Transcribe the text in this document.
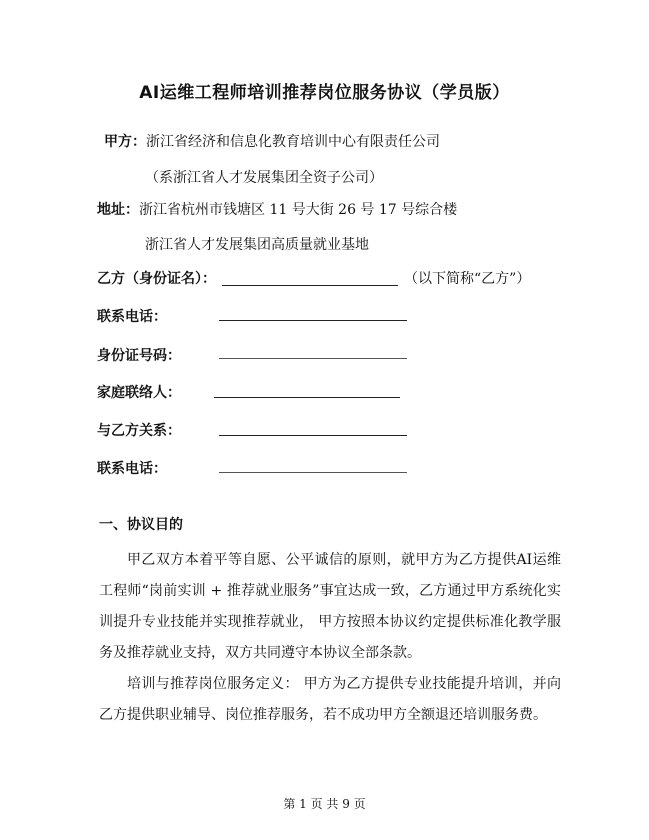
AI运维工程师培训推荐岗位服务协议（学员版）
甲方：浙江省经济和信息化教育培训中心有限责任公司
（系浙江省人才发展集团全资子公司）
地址：浙江省杭州市钱塘区 11 号大街 26 号 17 号综合楼
浙江省人才发展集团高质量就业基地
乙方（身份证名）：	（以下简称“乙方”）
联系电话：
身份证号码：
家庭联络人：
与乙方关系：
联系电话：
一、协议目的
甲乙双方本着平等自愿、公平诚信的原则，就甲方为乙方提供AI运维工程师“岗前实训 + 推荐就业服务”事宜达成一致，乙方通过甲方系统化实训提升专业技能并实现推荐就业， 甲方按照本协议约定提供标准化教学服务及推荐就业支持，双方共同遵守本协议全部条款。
培训与推荐岗位服务定义： 甲方为乙方提供专业技能提升培训，并向乙方提供职业辅导、岗位推荐服务，若不成功甲方全额退还培训服务费。
第 1 页 共 9 页
